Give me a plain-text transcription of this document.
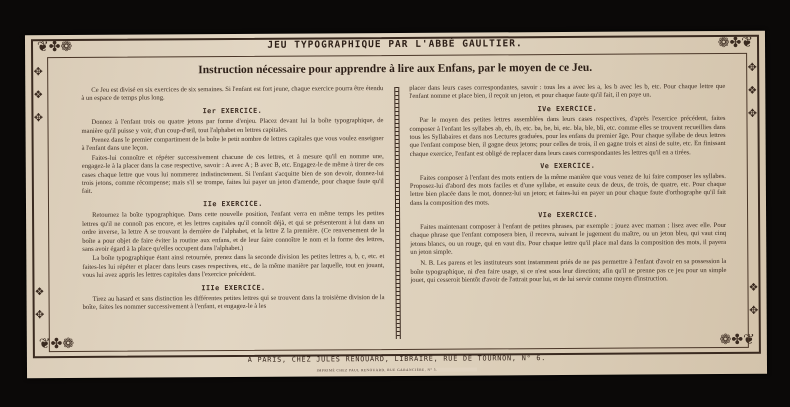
❦✤❁	❁✤❦
❦✤❁	❁✤❦
✥
❖
✥
✥
❖
✥
❖
✥
❖
✥
JEU TYPOGRAPHIQUE PAR L'ABBÉ GAULTIER.
Instruction nécessaire pour apprendre à lire aux Enfans, par le moyen de ce Jeu.

Ce Jeu est divisé en six exercices de six semaines. Si l'enfant est fort jeune, chaque exercice pourra être étendu à un espace de temps plus long.

Ier EXERCICE.

Donnez à l'enfant trois ou quatre jetons par forme d'enjeu. Placez devant lui la boîte typographique, de manière qu'il puisse y voir, d'un coup-d'œil, tout l'alphabet en lettres capitales.

Prenez dans le premier compartiment de la boîte le petit nombre de lettres capitales que vous voulez enseigner à l'enfant dans une leçon.

Faites-lui connoître et répéter successivement chacune de ces lettres, et à mesure qu'il en nomme une, engagez-le à la placer dans la case respective, savoir : A avec A ; B avec B, etc. Engagez-le de même à tirer de ces cases chaque lettre que vous lui nommerez indistinctement. Si l'enfant s'acquitte bien de son devoir, donnez-lui trois jetons, comme récompense; mais s'il se trompe, faites lui payer un jeton d'amende, pour chaque faute qu'il fait.

IIe EXERCICE.

Retournez la boîte typographique. Dans cette nouvelle position, l'enfant verra en même temps les petites lettres qu'il ne connoît pas encore, et les lettres capitales qu'il connoît déjà, et qui se présenteront à lui dans un ordre inverse, la lettre A se trouvant la dernière de l'alphabet, et la lettre Z la première. (Ce renversement de la boîte a pour objet de faire éviter la routine aux enfans, et de leur faire connoître le nom et la forme des lettres, sans avoir égard à la place qu'elles occupent dans l'alphabet.)

La boîte typographique étant ainsi retournée, prenez dans la seconde division les petites lettres a, b, c, etc. et faites-les lui répéter et placer dans leurs cases respectives, etc., de la même manière par laquelle, tout en jouant, vous lui avez appris les lettres capitales dans l'exercice précédent.

IIIe EXERCICE.

Tirez au hasard et sans distinction les différentes petites lettres qui se trouvent dans la troisième division de la boîte, faites les nommer successivement à l'enfant, et engagez-le à les

placer dans leurs cases correspondantes, savoir : tous les a avec les a, les b avec les b, etc. Pour chaque lettre que l'enfant nomme et place bien, il reçoit un jeton, et pour chaque faute qu'il fait, il en paye un.

IVe EXERCICE.

Par le moyen des petites lettres assemblées dans leurs cases respectives, d'après l'exercice précédent, faites composer à l'enfant les syllabes ab, eb, ib, etc. ba, be, bi, etc. bla, ble, bli, etc. comme elles se trouvent recueillies dans tous les Syllabaires et dans nos Lectures graduées, pour les enfans du premier âge. Pour chaque syllabe de deux lettres que l'enfant compose bien, il gagne deux jetons; pour celles de trois, il en gagne trois et ainsi de suite, etc. En finissant chaque exercice, l'enfant est obligé de replacer dans leurs cases correspondantes les lettres qu'il en a tirées.

Ve EXERCICE.

Faites composer à l'enfant des mots entiers de la même manière que vous venez de lui faire composer les syllabes. Proposez-lui d'abord des mots faciles et d'une syllabe, et ensuite ceux de deux, de trois, de quatre, etc. Pour chaque lettre bien placée dans le mot, donnez-lui un jeton; et faites-lui en payer un pour chaque faute d'orthographe qu'il fait dans la composition des mots.

VIe EXERCICE.

Faites maintenant composer à l'enfant de petites phrases, par exemple : jouez avec maman : lisez avec elle. Pour chaque phrase que l'enfant composera bien, il recevra, suivant le jugement du maître, ou un jeton bleu, qui vaut cinq jetons blancs, ou un rouge, qui en vaut dix. Pour chaque lettre qu'il place mal dans la composition des mots, il payera un jeton simple.

N. B. Les parens et les instituteurs sont instamment priés de ne pas permettre à l'enfant d'avoir en sa possession la boîte typographique, ni d'en faire usage, si ce n'est sous leur direction; afin qu'il ne prenne pas ce jeu pour un simple jouet, qui cesseroit bientôt d'avoir de l'attrait pour lui, et de lui servir comme moyen d'instruction.

A PARIS, CHEZ JULES RENOUARD, LIBRAIRE, RUE DE TOURNON, N° 6.
IMPRIMÉ CHEZ PAUL RENOUARD, RUE GARANCIÈRE, N° 5.
